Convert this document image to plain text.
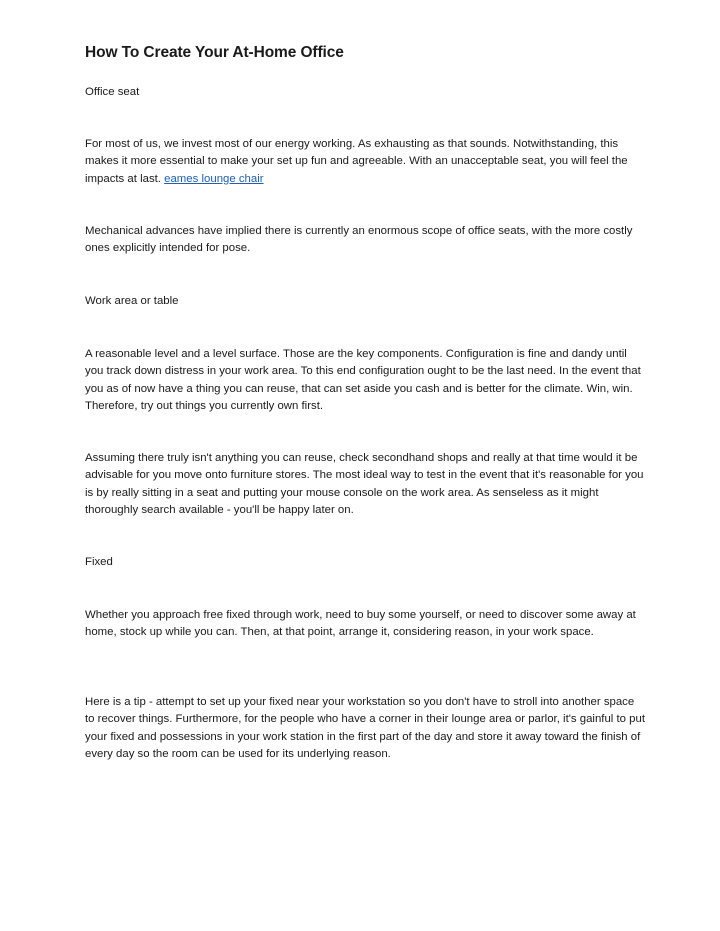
How To Create Your At-Home Office

Office seat

For most of us, we invest most of our energy working. As exhausting as that sounds. Notwithstanding, this makes it more essential to make your set up fun and agreeable. With an unacceptable seat, you will feel the impacts at last. eames lounge chair

Mechanical advances have implied there is currently an enormous scope of office seats, with the more costly ones explicitly intended for pose.

Work area or table

A reasonable level and a level surface. Those are the key components. Configuration is fine and dandy until you track down distress in your work area. To this end configuration ought to be the last need. In the event that you as of now have a thing you can reuse, that can set aside you cash and is better for the climate. Win, win. Therefore, try out things you currently own first.

Assuming there truly isn't anything you can reuse, check secondhand shops and really at that time would it be advisable for you move onto furniture stores. The most ideal way to test in the event that it's reasonable for you is by really sitting in a seat and putting your mouse console on the work area. As senseless as it might thoroughly search available - you'll be happy later on.

Fixed

Whether you approach free fixed through work, need to buy some yourself, or need to discover some away at home, stock up while you can. Then, at that point, arrange it, considering reason, in your work space.

Here is a tip - attempt to set up your fixed near your workstation so you don't have to stroll into another space to recover things. Furthermore, for the people who have a corner in their lounge area or parlor, it's gainful to put your fixed and possessions in your work station in the first part of the day and store it away toward the finish of every day so the room can be used for its underlying reason.
